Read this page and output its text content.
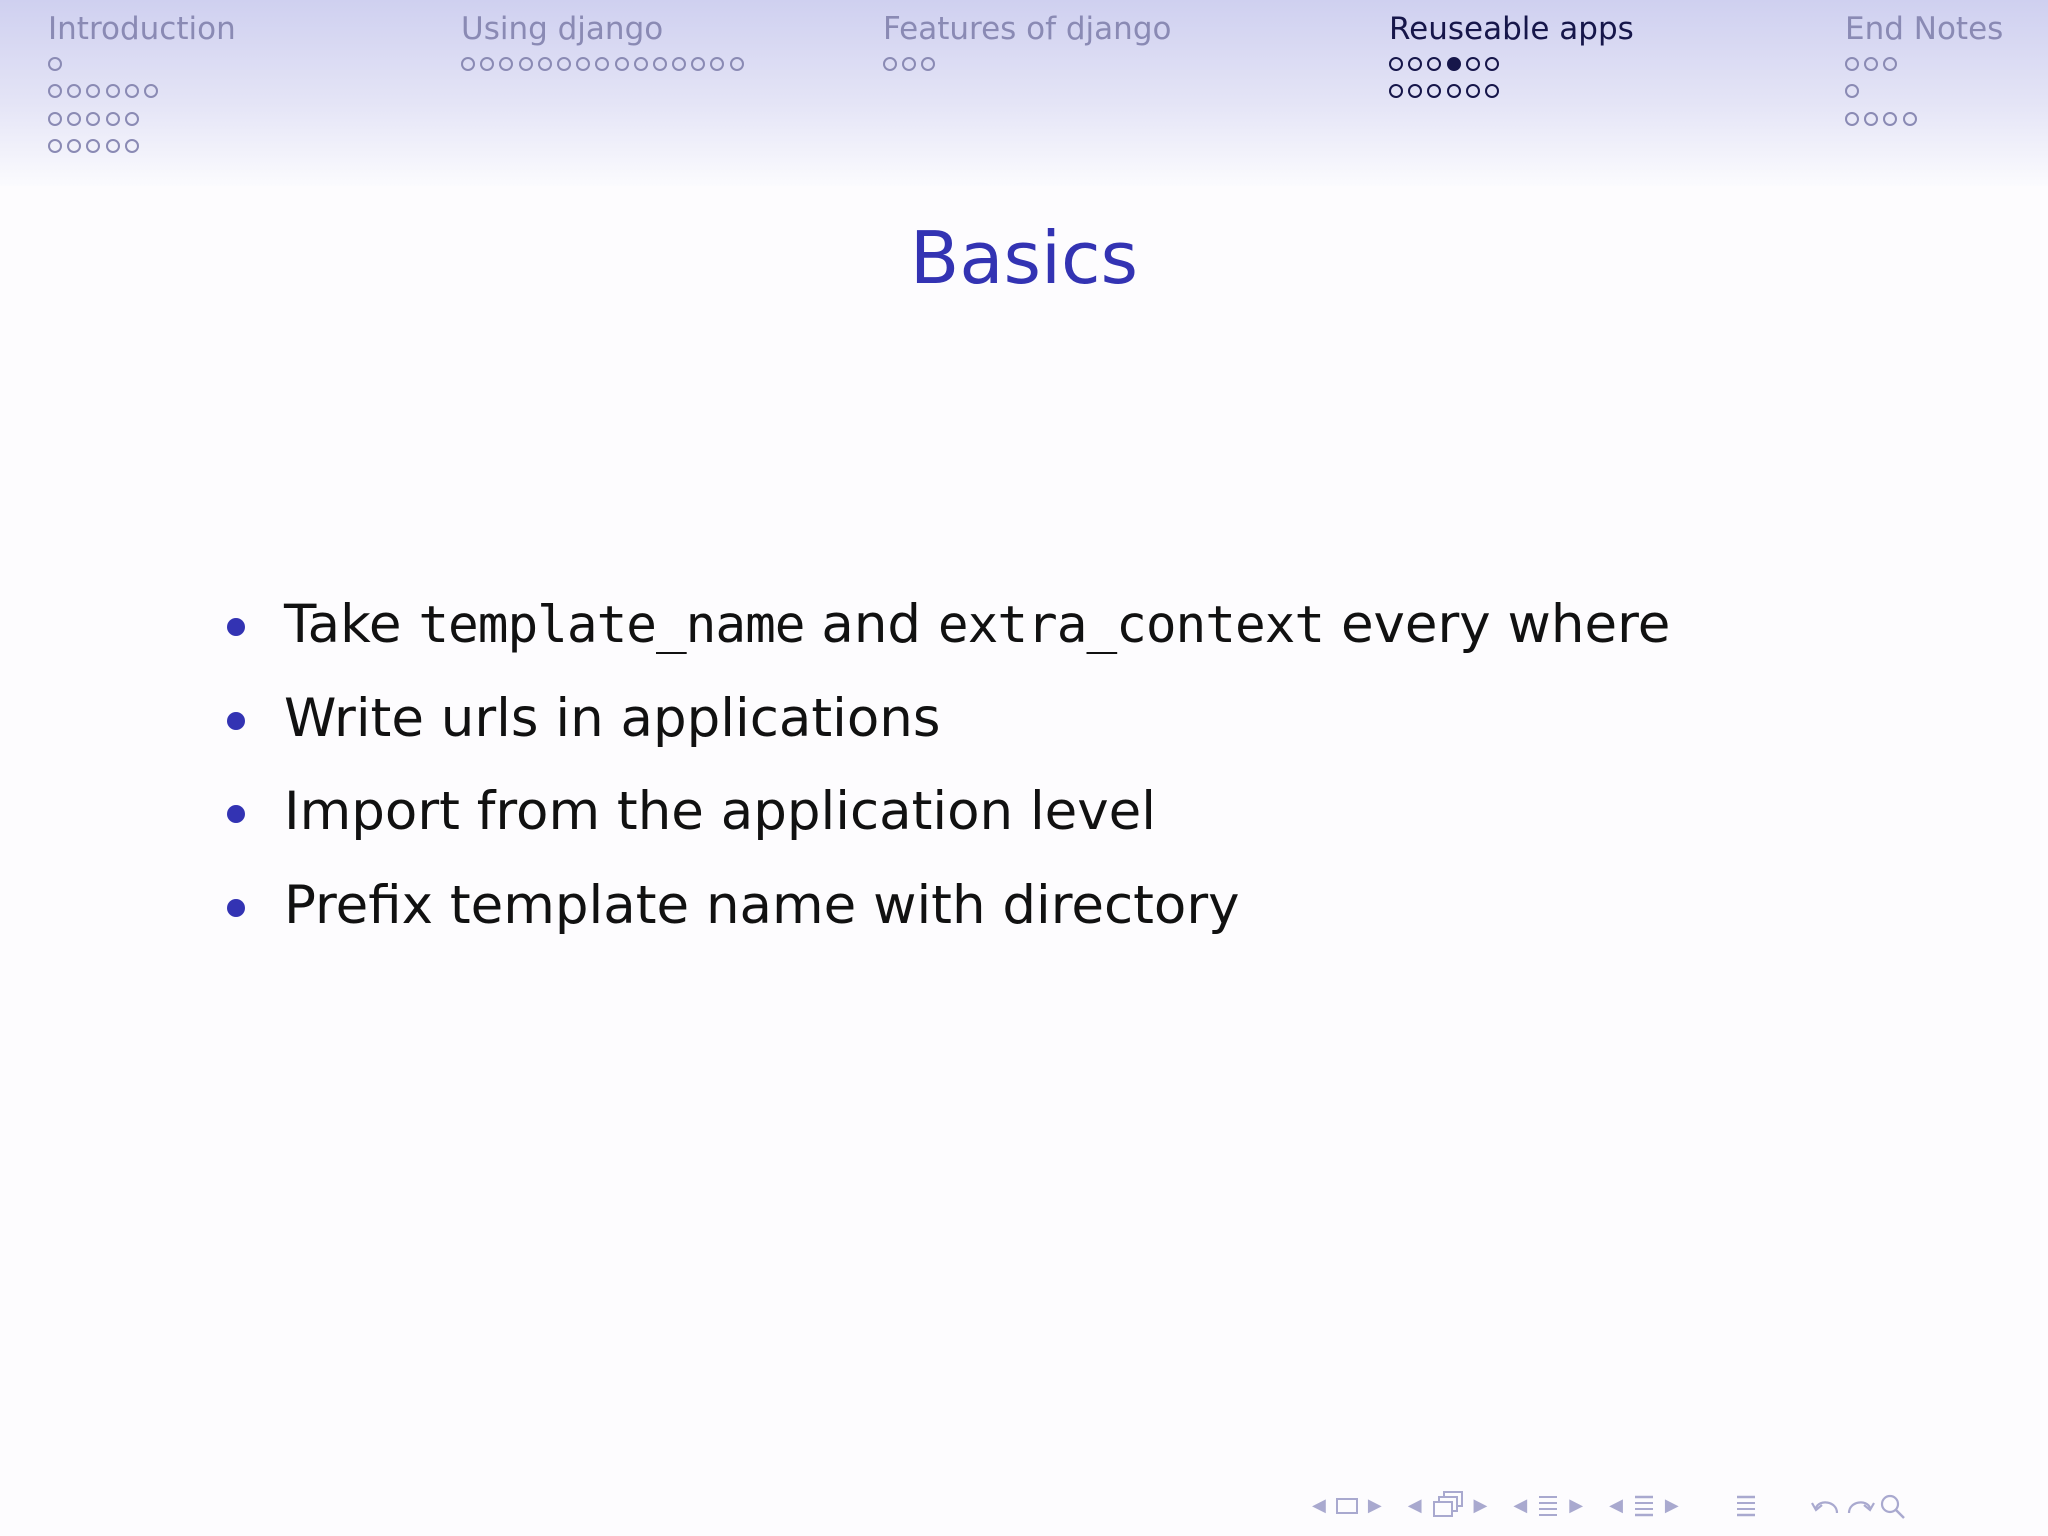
Introduction	Using django	Features of django	Reuseable apps	End Notes
Basics
Take template_name and extra_context every where
Write urls in applications
Import from the application level
Prefix template name with directory
◀ ▶ ◀	▶ ◀ ▶ ◀ ▶
